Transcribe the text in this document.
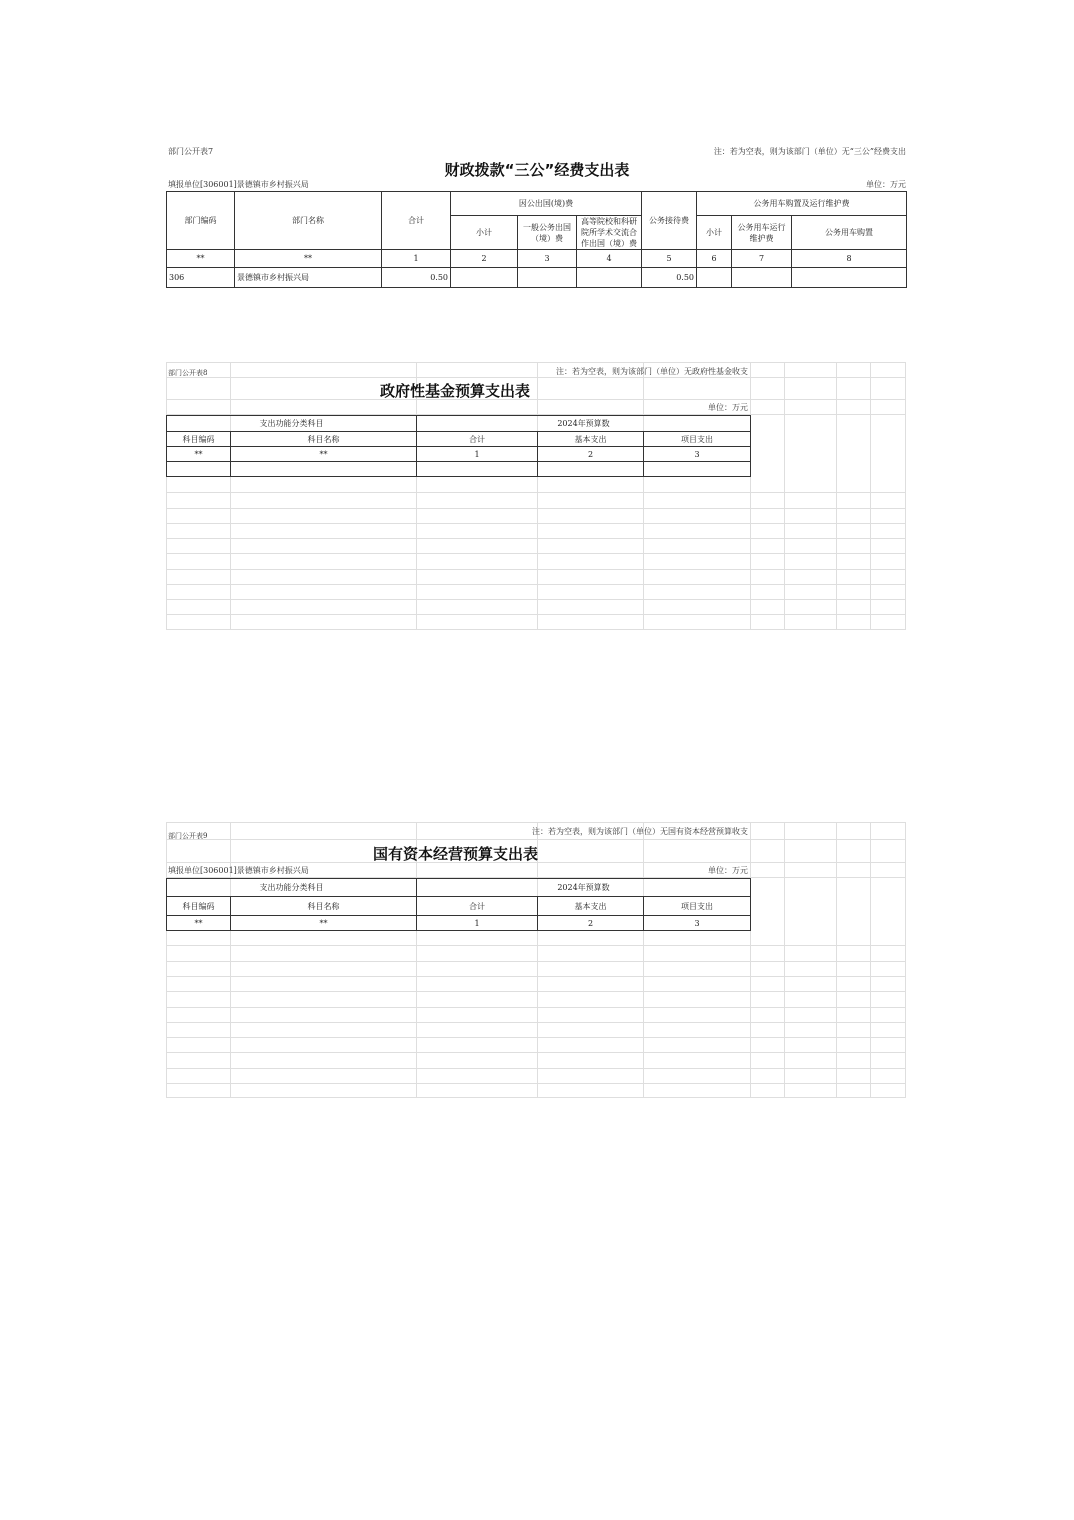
部门公开表7	注：若为空表，则为该部门（单位）无“三公”经费支出
财政拨款“三公”经费支出表
填报单位[306001]景德镇市乡村振兴局	单位：万元
部门编码	部门名称	合计	因公出国(境)费			公务接待费	公务用车购置及运行维护费		
			小计	一般公务出国（境）费	高等院校和科研院所学术交流合作出国（境）费		小计	公务用车运行维护费	公务用车购置
**	**	1	2	3	4	5	6	7	8
306	景德镇市乡村振兴局	0.50				0.50			
部门公开表8	注：若为空表，则为该部门（单位）无政府性基金收支
政府性基金预算支出表
单位：万元
支出功能分类科目		2024年预算数		
科目编码	科目名称	合计	基本支出	项目支出
**	**	1	2	3

部门公开表9	注：若为空表，则为该部门（单位）无国有资本经营预算收支
国有资本经营预算支出表
填报单位[306001]景德镇市乡村振兴局	单位：万元
支出功能分类科目		2024年预算数		
科目编码	科目名称	合计	基本支出	项目支出
**	**	1	2	3
